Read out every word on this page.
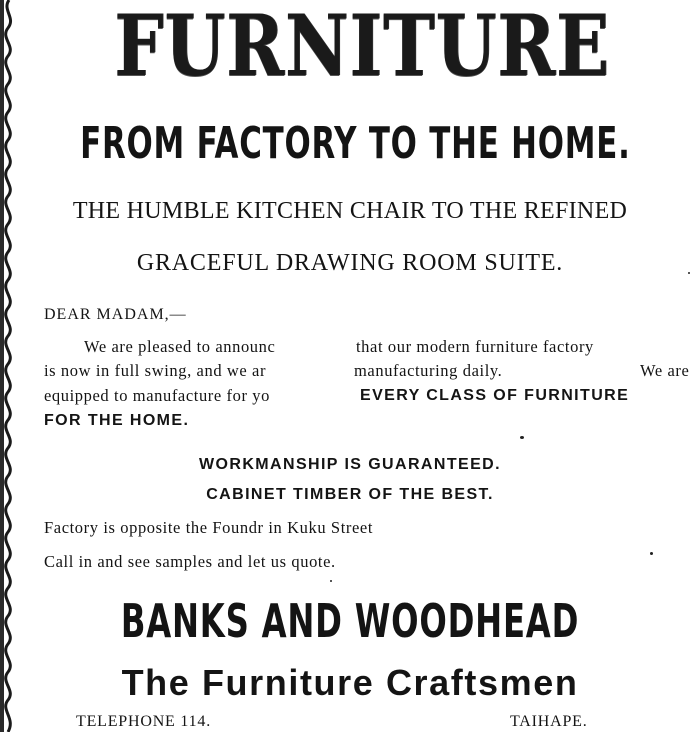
FURNITURE
FROM FACTORY TO THE HOME.

THE HUMBLE KITCHEN CHAIR TO THE REFINED

GRACEFUL DRAWING ROOM SUITE.

DEAR MADAM,—

We are pleased to announc	that our modern furniture factory
is now in full swing, and we ar	manufacturing daily.	We are
equipped to manufacture for yo	EVERY CLASS OF FURNITURE
FOR THE HOME.

WORKMANSHIP IS GUARANTEED.

CABINET TIMBER OF THE BEST.

Factory is opposite the Foundr in Kuku Street

Call in and see samples and let us quote.

BANKS AND WOODHEAD

The Furniture Craftsmen

TELEPHONE 114.	TAIHAPE.
